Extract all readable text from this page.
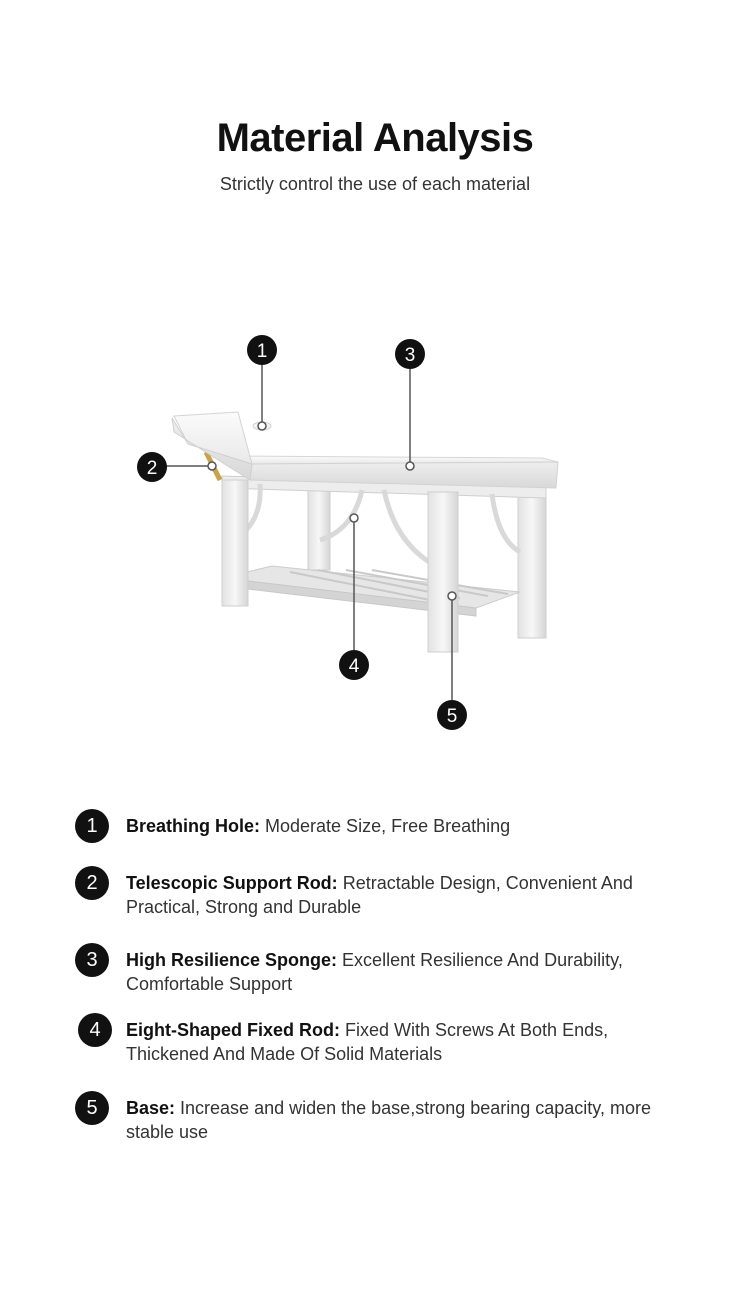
Material Analysis
Strictly control the use of each material
1
2
3
4
5
1	Breathing Hole: Moderate Size, Free Breathing
2	Telescopic Support Rod: Retractable Design, Convenient And Practical, Strong and Durable
3	High Resilience Sponge: Excellent Resilience And Durability, Comfortable Support
4	Eight-Shaped Fixed Rod: Fixed With Screws At Both Ends, Thickened And Made Of Solid Materials
5	Base: Increase and widen the base,strong bearing capacity, more stable use
